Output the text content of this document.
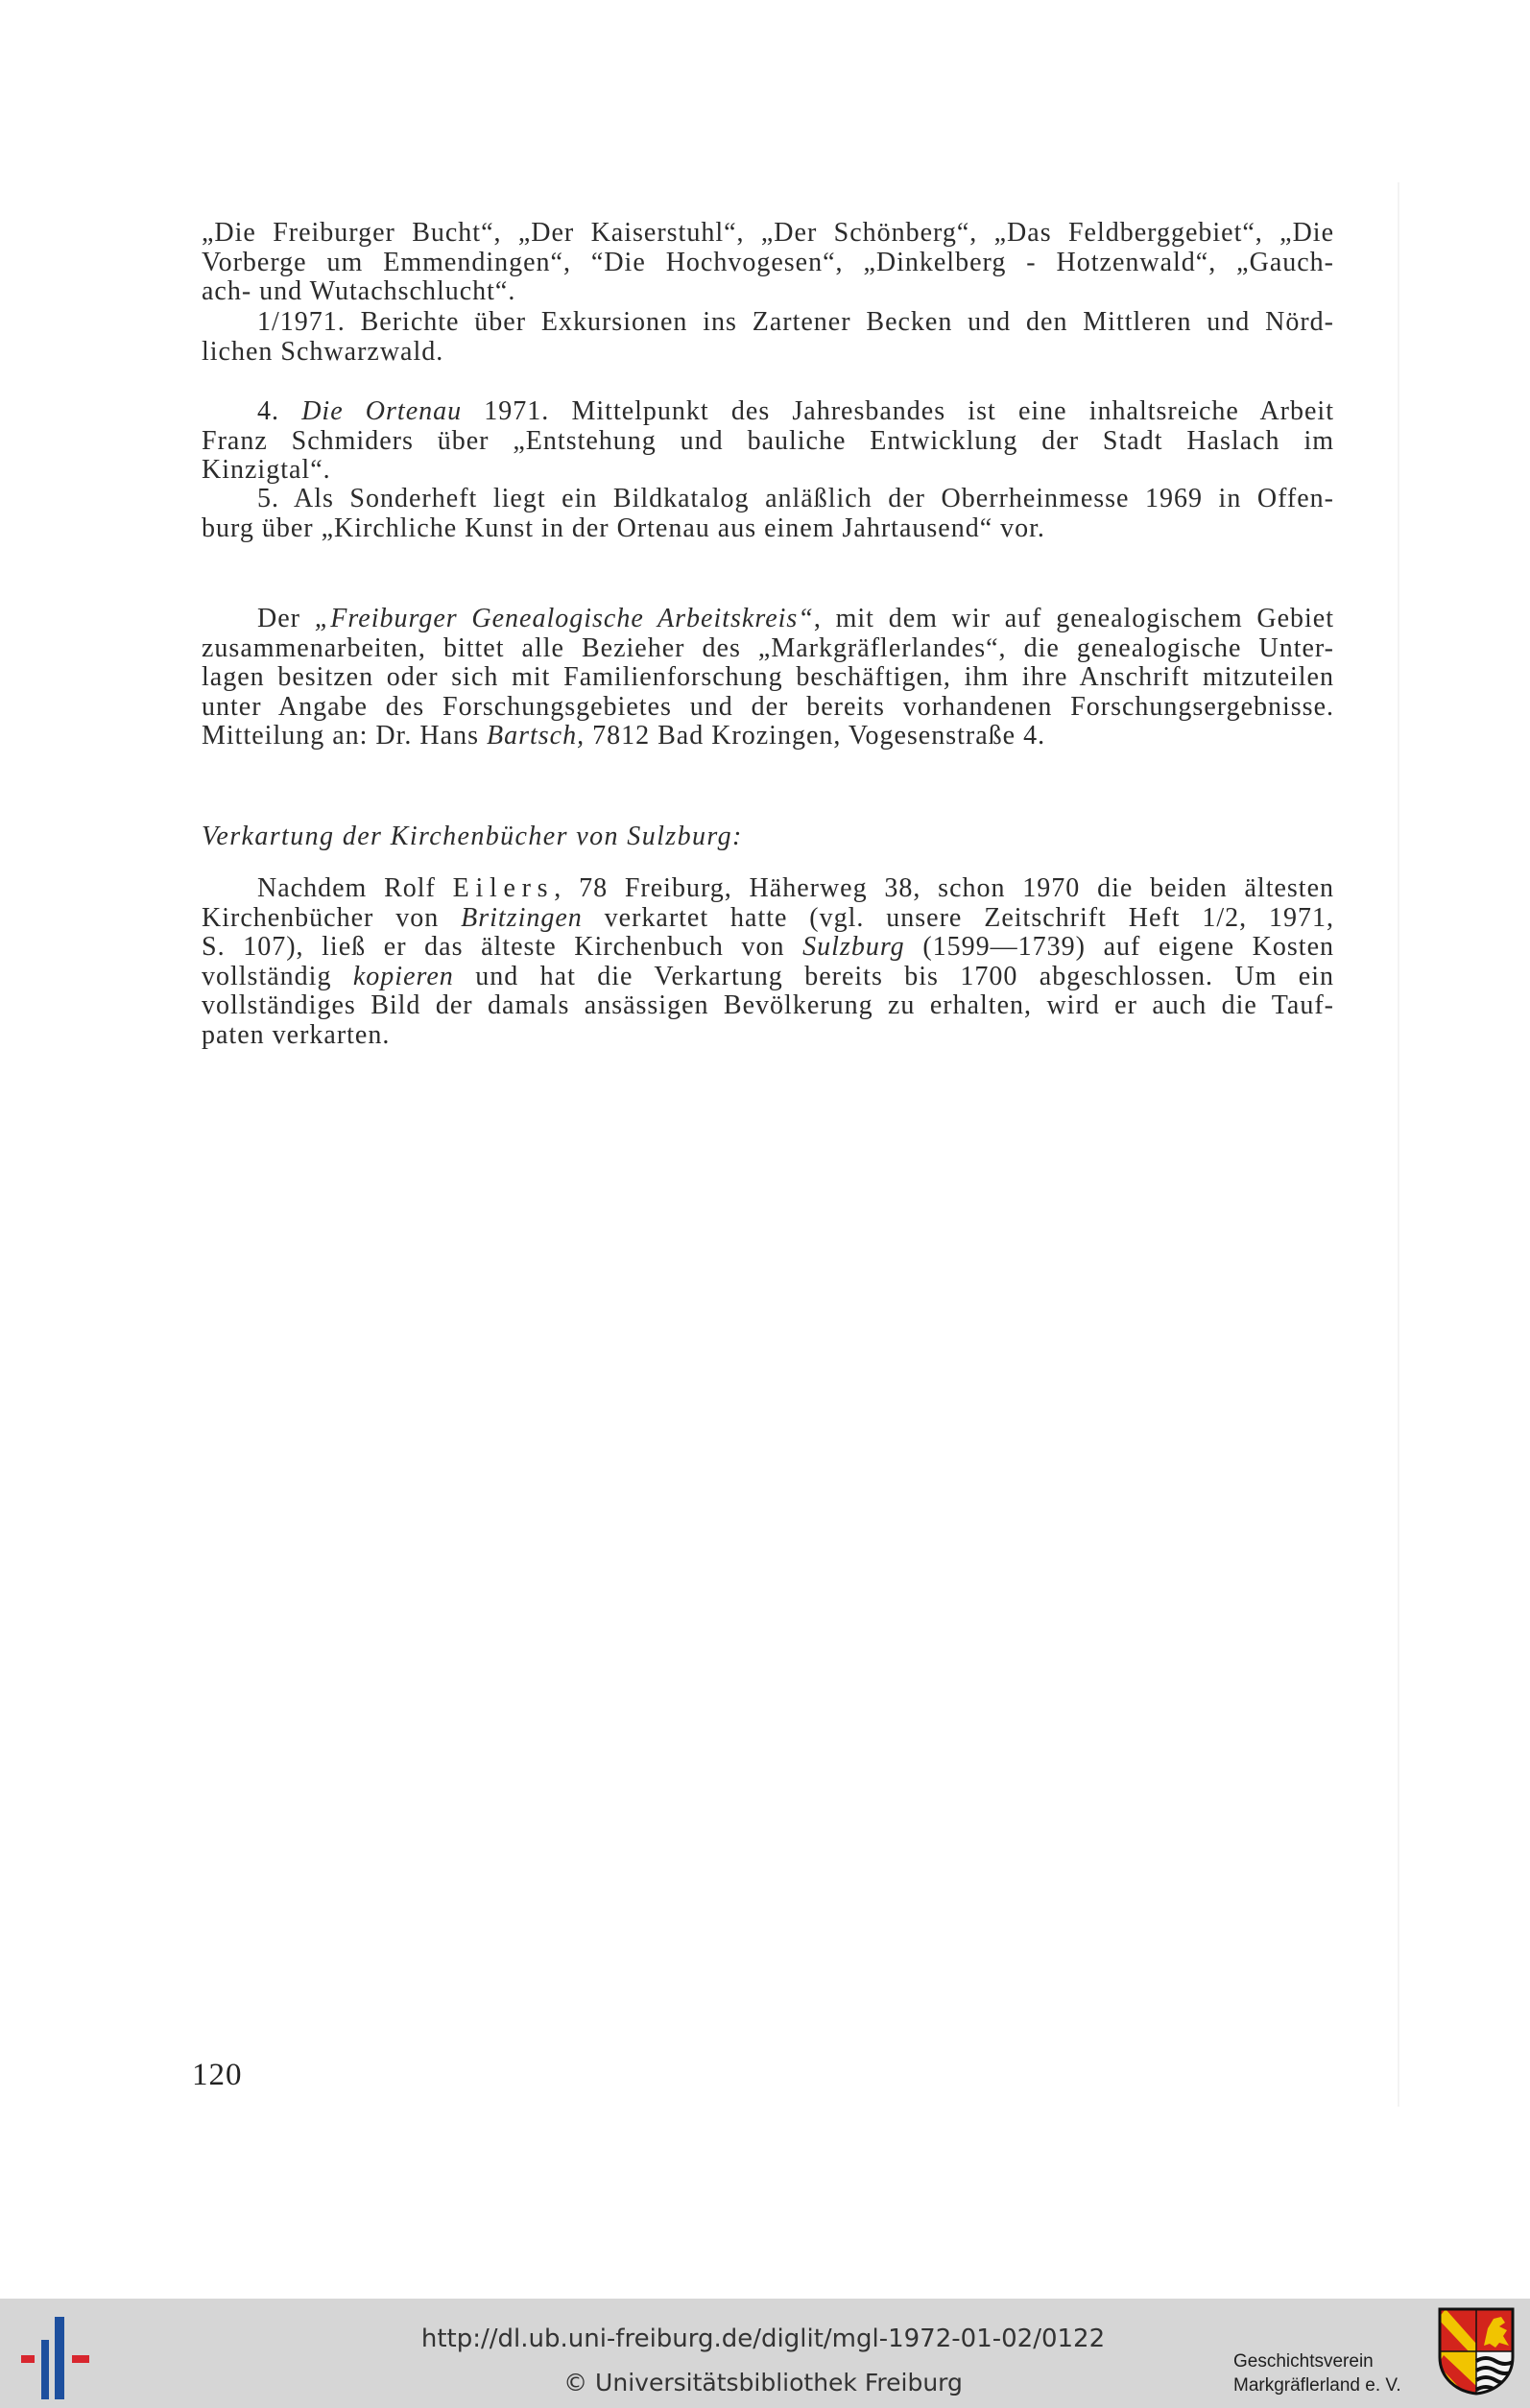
„Die Freiburger Bucht“, „Der Kaiserstuhl“, „Der Schönberg“, „Das Feldberggebiet“, „Die
Vorberge um Emmendingen“, “Die Hochvogesen“, „Dinkelberg - Hotzenwald“, „Gauch-
ach- und Wutachschlucht“.
1/1971. Berichte über Exkursionen ins Zartener Becken und den Mittleren und Nörd-
lichen Schwarzwald.
4. Die Ortenau 1971. Mittelpunkt des Jahresbandes ist eine inhaltsreiche Arbeit
Franz Schmiders über „Entstehung und bauliche Entwicklung der Stadt Haslach im
Kinzigtal“.
5. Als Sonderheft liegt ein Bildkatalog anläßlich der Oberrheinmesse 1969 in Offen-
burg über „Kirchliche Kunst in der Ortenau aus einem Jahrtausend“ vor.
Der „Freiburger Genealogische Arbeitskreis“, mit dem wir auf genealogischem Gebiet
zusammenarbeiten, bittet alle Bezieher des „Markgräflerlandes“, die genealogische Unter-
lagen besitzen oder sich mit Familienforschung beschäftigen, ihm ihre Anschrift mitzuteilen
unter Angabe des Forschungsgebietes und der bereits vorhandenen Forschungsergebnisse.
Mitteilung an: Dr. Hans Bartsch, 7812 Bad Krozingen, Vogesenstraße 4.
Verkartung der Kirchenbücher von Sulzburg:
Nachdem Rolf Eilers, 78 Freiburg, Häherweg 38, schon 1970 die beiden ältesten
Kirchenbücher von Britzingen verkartet hatte (vgl. unsere Zeitschrift Heft 1/2, 1971,
S. 107), ließ er das älteste Kirchenbuch von Sulzburg (1599—1739) auf eigene Kosten
vollständig kopieren und hat die Verkartung bereits bis 1700 abgeschlossen. Um ein
vollständiges Bild der damals ansässigen Bevölkerung zu erhalten, wird er auch die Tauf-
paten verkarten.
120
http://dl.ub.uni-freiburg.de/diglit/mgl-1972-01-02/0122
© Universitätsbibliothek Freiburg
Geschichtsverein
Markgräflerland e. V.
